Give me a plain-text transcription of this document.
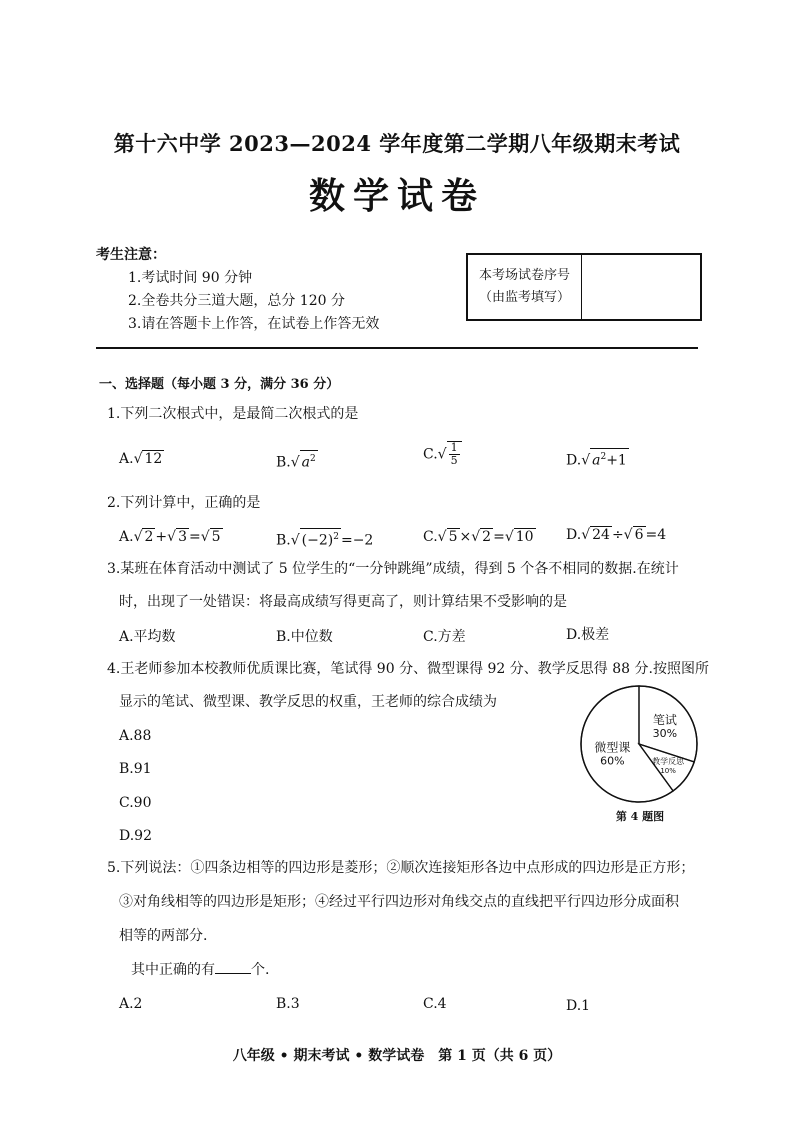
第十六中学 2023—2024 学年度第二学期八年级期末考试
数学试卷
考生注意：
1.考试时间 90 分钟
2.全卷共分三道大题，总分 120 分
3.请在答题卡上作答，在试卷上作答无效
本考场试卷序号
（由监考填写）
一、选择题（每小题 3 分，满分 36 分）
1.下列二次根式中，是最简二次根式的是
A.√ 12	B.√ $a^2$	$C.√ \frac{1}{5}$	D.√ $a^2+1$
2.下列计算中，正确的是
A.√ 2 +√ 3 =√ 5	B.√ $(-2)^2 =-2$	C.√ 5 ×√ 2 =√ 10 D.√ 24 ÷√ 6 =4
3.某班在体育活动中测试了 5 位学生的“一分钟跳绳”成绩，得到 5 个各不相同的数据.在统计
时，出现了一处错误：将最高成绩写得更高了，则计算结果不受影响的是
A.平均数	B.中位数	C.方差	D.极差
4.王老师参加本校教师优质课比赛，笔试得 90 分、微型课得 92 分、教学反思得 88 分.按照图所
显示的笔试、微型课、教学反思的权重，王老师的综合成绩为
A.88
B.91
C.90
D.92
笔试
30%
教学反思
10%
微型课
60%
第 4 题图
5.下列说法：①四条边相等的四边形是菱形；②顺次连接矩形各边中点形成的四边形是正方形；
③对角线相等的四边形是矩形；④经过平行四边形对角线交点的直线把平行四边形分成面积
相等的两部分.
其中正确的有	个.
A.2	B.3	C.4	D.1
八年级 • 期末考试 • 数学试卷　第 1 页（共 6 页）
